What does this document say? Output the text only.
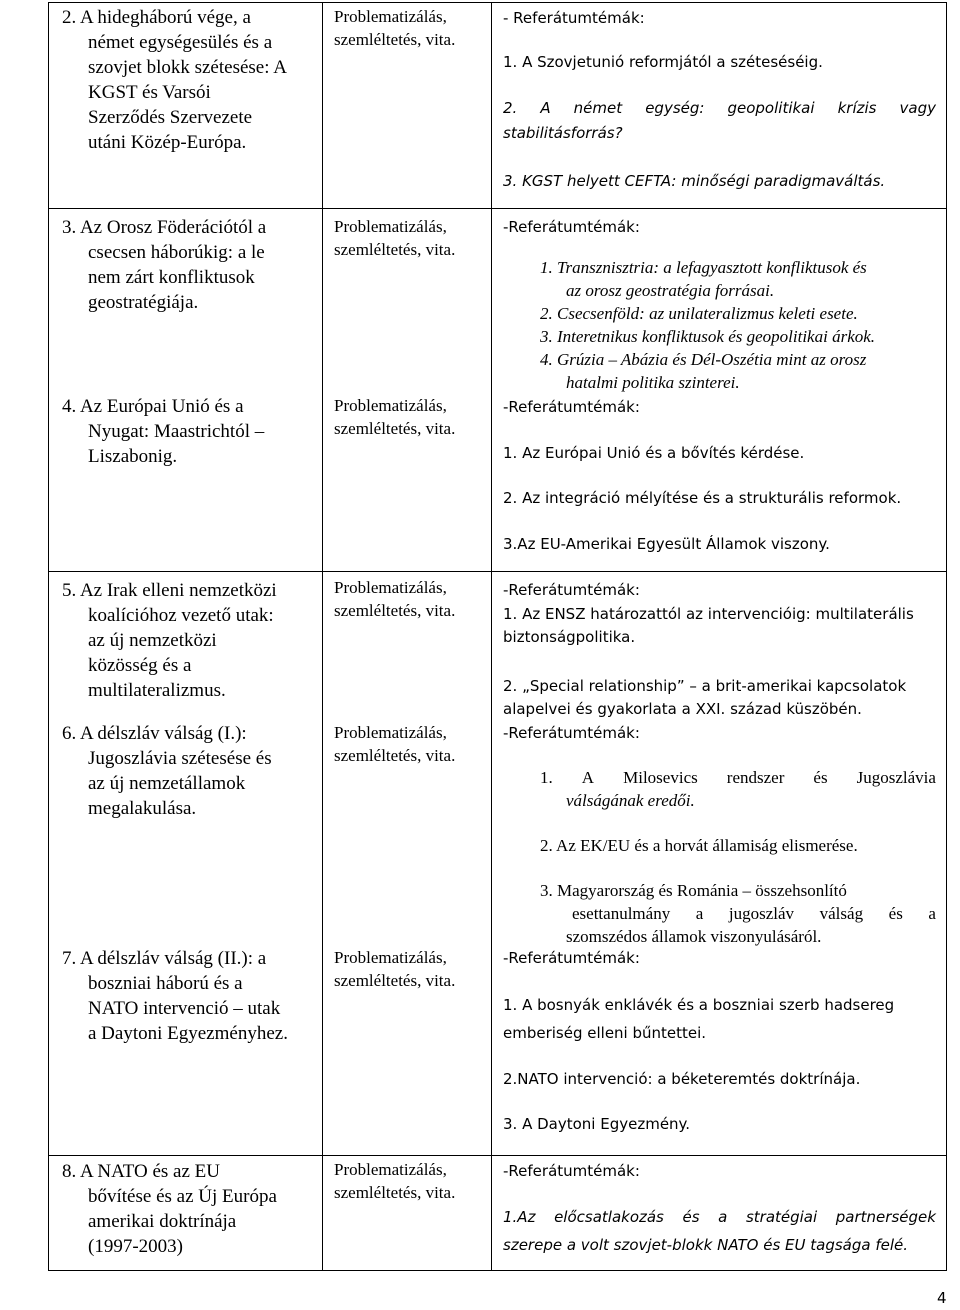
2. A hidegháború vége, a
német egységesülés és a
szovjet blokk szétesése: A
KGST és Varsói
Szerződés Szervezete
utáni Közép-Európa.
Problematizálás,
szemléltetés, vita.
- Referátumtémák:
1. A Szovjetunió reformjától a széteséséig.
2. A német egység: geopolitikai krízis vagy
stabilitásforrás?
3. KGST helyett CEFTA: minőségi paradigmaváltás.
3. Az Orosz Föderációtól a
csecsen háborúkig: a le
nem zárt konfliktusok
geostratégiája.
Problematizálás,
szemléltetés, vita.
-Referátumtémák:
1. Transznisztria: a lefagyasztott konfliktusok és
az orosz geostratégia forrásai.
2. Csecsenföld: az unilateralizmus keleti esete.
3. Interetnikus konfliktusok és geopolitikai árkok.
4. Grúzia – Abázia és Dél-Oszétia mint az orosz
hatalmi politika szinterei.
4. Az Európai Unió és a
Nyugat: Maastrichtól –
Liszabonig.
Problematizálás,
szemléltetés, vita.
-Referátumtémák:
1. Az Európai Unió és a bővítés kérdése.
2. Az integráció mélyítése és a strukturális reformok.
3.Az EU-Amerikai Egyesült Államok viszony.
5. Az Irak elleni nemzetközi
koalícióhoz vezető utak:
az új nemzetközi
közösség és a
multilateralizmus.
Problematizálás,
szemléltetés, vita.
-Referátumtémák:
1. Az ENSZ határozattól az intervencióig: multilaterális
biztonságpolitika.
2. „Special relationship” – a brit-amerikai kapcsolatok
alapelvei és gyakorlata a XXI. század küszöbén.
6. A délszláv válság (I.):
Jugoszlávia szétesése és
az új nemzetállamok
megalakulása.
Problematizálás,
szemléltetés, vita.
-Referátumtémák:
1. A Milosevics rendszer és Jugoszlávia
válságának eredői.
2. Az EK/EU és a horvát államiság elismerése.
3. Magyarország és Románia – összehsonlító
esettanulmány a jugoszláv válság és a
szomszédos államok viszonyulásáról.
7. A délszláv válság (II.): a
boszniai háború és a
NATO intervenció – utak
a Daytoni Egyezményhez.
Problematizálás,
szemléltetés, vita.
-Referátumtémák:
1. A bosnyák enklávék és a boszniai szerb hadsereg
emberiség elleni bűntettei.
2.NATO intervenció: a béketeremtés doktrínája.
3. A Daytoni Egyezmény.
8. A NATO és az EU
bővítése és az Új Európa
amerikai doktrínája
(1997-2003)
Problematizálás,
szemléltetés, vita.
-Referátumtémák:
1.Az előcsatlakozás és a stratégiai partnerségek
szerepe a volt szovjet-blokk NATO és EU tagsága felé.
4
